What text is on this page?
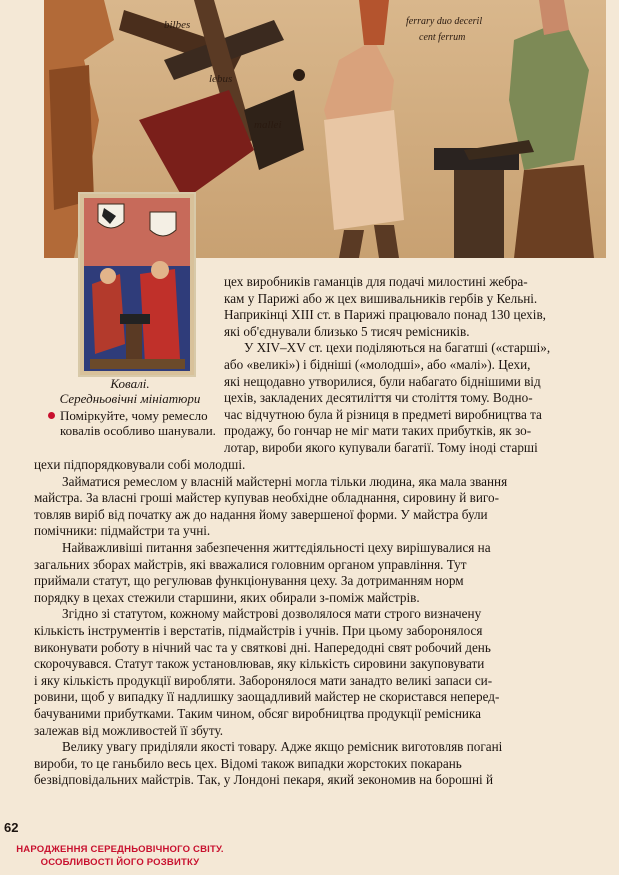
bilbes
lebus
mallei
ferrary duo deceril
cent ferrum
Ковалі.
Середньовічні мініатюри
Поміркуйте, чому ремесло ковалів особливо шанували.

цех виробників гаманців для подачі милостині жебра-

кам у Парижі або ж цех вишивальників гербів у Кельні.

Наприкінці XIII ст. в Парижі працювало понад 130 цехів,

які об'єднували близько 5 тисяч ремісників.

У XIV–XV ст. цехи поділяються на багатші («старші»,

або «великі») і бідніші («молодші», або «малі»). Цехи,

які нещодавно утворилися, були набагато біднішими від

цехів, закладених десятиліття чи століття тому. Водно-

час відчутною була й різниця в предметі виробництва та

продажу, бо гончар не міг мати таких прибутків, як зо-

лотар, вироби якого купували багатії. Тому іноді старші

цехи підпорядковували собі молодші.

Займатися ремеслом у власній майстерні могла тільки людина, яка мала звання

майстра. За власні гроші майстер купував необхідне обладнання, сировину й виго-

товляв виріб від початку аж до надання йому завершеної форми. У майстра були

помічники: підмайстри та учні.

Найважливіші питання забезпечення життєдіяльності цеху вирішувалися на

загальних зборах майстрів, які вважалися головним органом управління. Тут

приймали статут, що регулював функціонування цеху. За дотриманням норм

порядку в цехах стежили старшини, яких обирали з-поміж майстрів.

Згідно зі статутом, кожному майстрові дозволялося мати строго визначену

кількість інструментів і верстатів, підмайстрів і учнів. При цьому заборонялося

виконувати роботу в нічний час та у святкові дні. Напередодні свят робочий день

скорочувався. Статут також установлював, яку кількість сировини закуповувати

і яку кількість продукції виробляти. Заборонялося мати занадто великі запаси си-

ровини, щоб у випадку її надлишку заощадливий майстер не скористався неперед-

бачуваними прибутками. Таким чином, обсяг виробництва продукції ремісника

залежав від можливостей її збуту.

Велику увагу приділяли якості товару. Адже якщо ремісник виготовляв погані

вироби, то це ганьбило весь цех. Відомі також випадки жорстоких покарань

безвідповідальних майстрів. Так, у Лондоні пекаря, який зекономив на борошні й

62
НАРОДЖЕННЯ СЕРЕДНЬОВІЧНОГО СВІТУ.
ОСОБЛИВОСТІ ЙОГО РОЗВИТКУ
